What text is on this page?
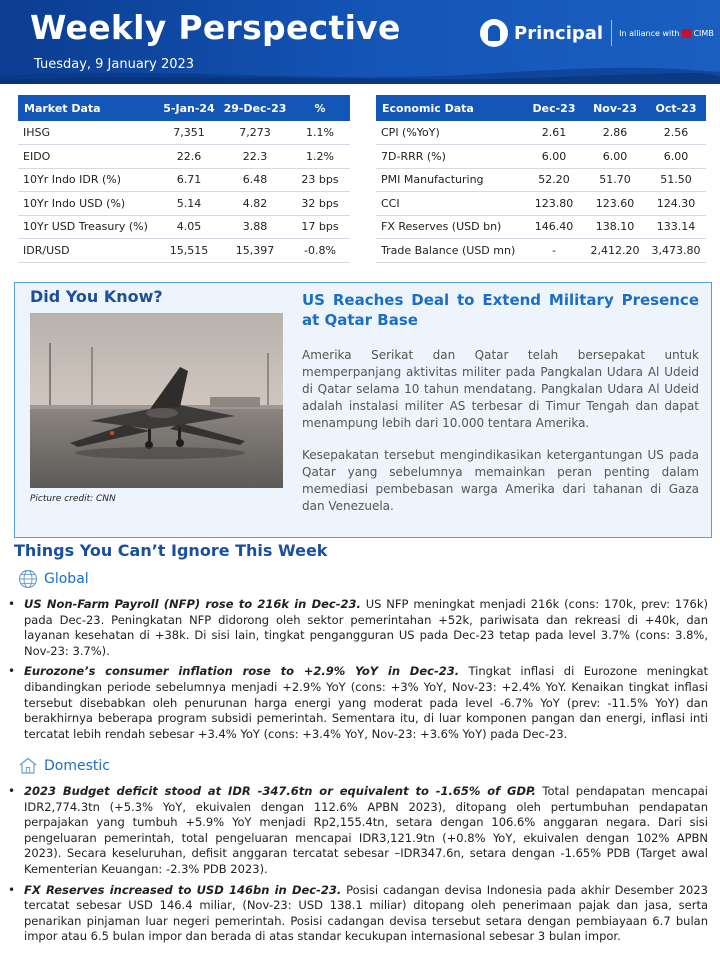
Weekly Perspective
Tuesday, 9 January 2023
Principal In alliance with CIMB
Market Data	5-Jan-24	29-Dec-23	%
IHSG	7,351	7,273	1.1%
EIDO	22.6	22.3	1.2%
10Yr Indo IDR (%)	6.71	6.48	23 bps
10Yr Indo USD (%)	5.14	4.82	32 bps
10Yr USD Treasury (%)	4.05	3.88	17 bps
IDR/USD	15,515	15,397	-0.8%
Economic Data	Dec-23	Nov-23	Oct-23
CPI (%YoY)	2.61	2.86	2.56
7D-RRR (%)	6.00	6.00	6.00
PMI Manufacturing	52.20	51.70	51.50
CCI	123.80	123.60	124.30
FX Reserves (USD bn)	146.40	138.10	133.14
Trade Balance (USD mn)	-	2,412.20	3,473.80
Did You Know?
Picture credit: CNN
US Reaches Deal to Extend Military Presence at Qatar Base
Amerika Serikat dan Qatar telah bersepakat untuk memperpanjang aktivitas militer pada Pangkalan Udara Al Udeid di Qatar selama 10 tahun mendatang. Pangkalan Udara Al Udeid adalah instalasi militer AS terbesar di Timur Tengah dan dapat menampung lebih dari 10.000 tentara Amerika.
Kesepakatan tersebut mengindikasikan ketergantungan US pada Qatar yang sebelumnya memainkan peran penting dalam memediasi pembebasan warga Amerika dari tahanan di Gaza dan Venezuela.
Things You Can’t Ignore This Week
Global
• US Non-Farm Payroll (NFP) rose to 216k in Dec-23. US NFP meningkat menjadi 216k (cons: 170k, prev: 176k) pada Dec-23. Peningkatan NFP didorong oleh sektor pemerintahan +52k, pariwisata dan rekreasi di +40k, dan layanan kesehatan di +38k. Di sisi lain, tingkat pengangguran US pada Dec-23 tetap pada level 3.7% (cons: 3.8%, Nov-23: 3.7%).
• Eurozone’s consumer inflation rose to +2.9% YoY in Dec-23. Tingkat inflasi di Eurozone meningkat dibandingkan periode sebelumnya menjadi +2.9% YoY (cons: +3% YoY, Nov-23: +2.4% YoY. Kenaikan tingkat inflasi tersebut disebabkan oleh penurunan harga energi yang moderat pada level -6.7% YoY (prev: -11.5% YoY) dan berakhirnya beberapa program subsidi pemerintah. Sementara itu, di luar komponen pangan dan energi, inflasi inti tercatat lebih rendah sebesar +3.4% YoY (cons: +3.4% YoY, Nov-23: +3.6% YoY) pada Dec-23.
Domestic
• 2023 Budget deficit stood at IDR -347.6tn or equivalent to -1.65% of GDP. Total pendapatan mencapai IDR2,774.3tn (+5.3% YoY, ekuivalen dengan 112.6% APBN 2023), ditopang oleh pertumbuhan pendapatan perpajakan yang tumbuh +5.9% YoY menjadi Rp2,155.4tn, setara dengan 106.6% anggaran negara. Dari sisi pengeluaran pemerintah, total pengeluaran mencapai IDR3,121.9tn (+0.8% YoY, ekuivalen dengan 102% APBN 2023). Secara keseluruhan, defisit anggaran tercatat sebesar –IDR347.6n, setara dengan -1.65% PDB (Target awal Kementerian Keuangan: -2.3% PDB 2023).
• FX Reserves increased to USD 146bn in Dec-23. Posisi cadangan devisa Indonesia pada akhir Desember 2023 tercatat sebesar USD 146.4 miliar, (Nov-23: USD 138.1 miliar) ditopang oleh penerimaan pajak dan jasa, serta penarikan pinjaman luar negeri pemerintah. Posisi cadangan devisa tersebut setara dengan pembiayaan 6.7 bulan impor atau 6.5 bulan impor dan berada di atas standar kecukupan internasional sebesar 3 bulan impor.
